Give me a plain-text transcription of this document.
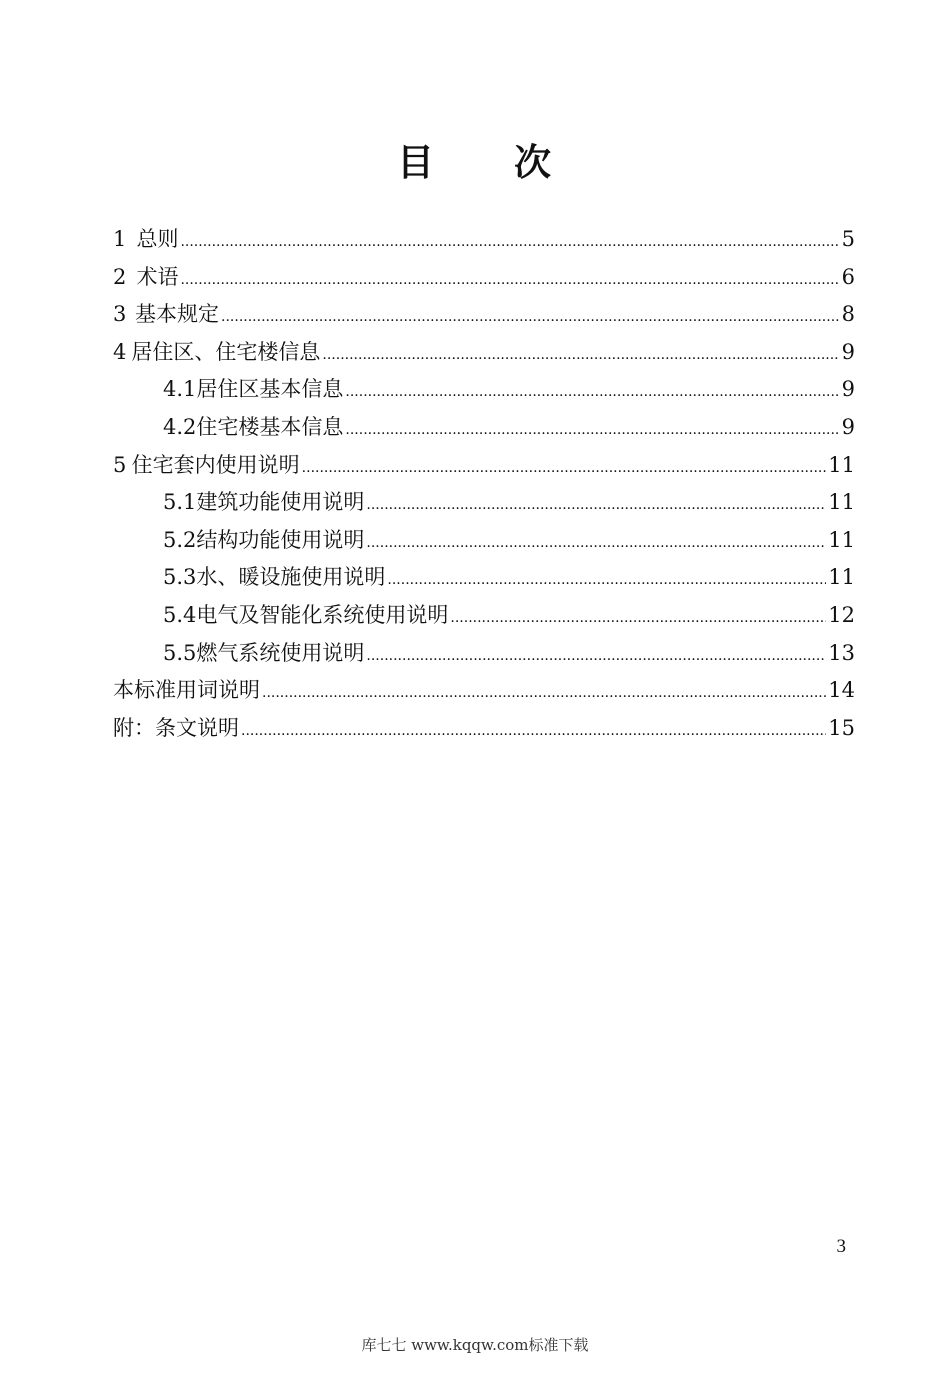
目 次
1 总则 .....	5
2 术语 .....	6
3 基本规定 .....	8
4 居住区、住宅楼信息 .....	9
4.1 居住区基本信息 .....	9
4.2 住宅楼基本信息 .....	9
5 住宅套内使用说明 .....	11
5.1 建筑功能使用说明 .....	11
5.2 结构功能使用说明 .....	11
5.3 水、暖设施使用说明 .....	11
5.4 电气及智能化系统使用说明 .....	12
5.5 燃气系统使用说明 .....	13
本标准用词说明 .....	14
附：条文说明 .....	15
3
库七七 www.kqqw.com标准下载
